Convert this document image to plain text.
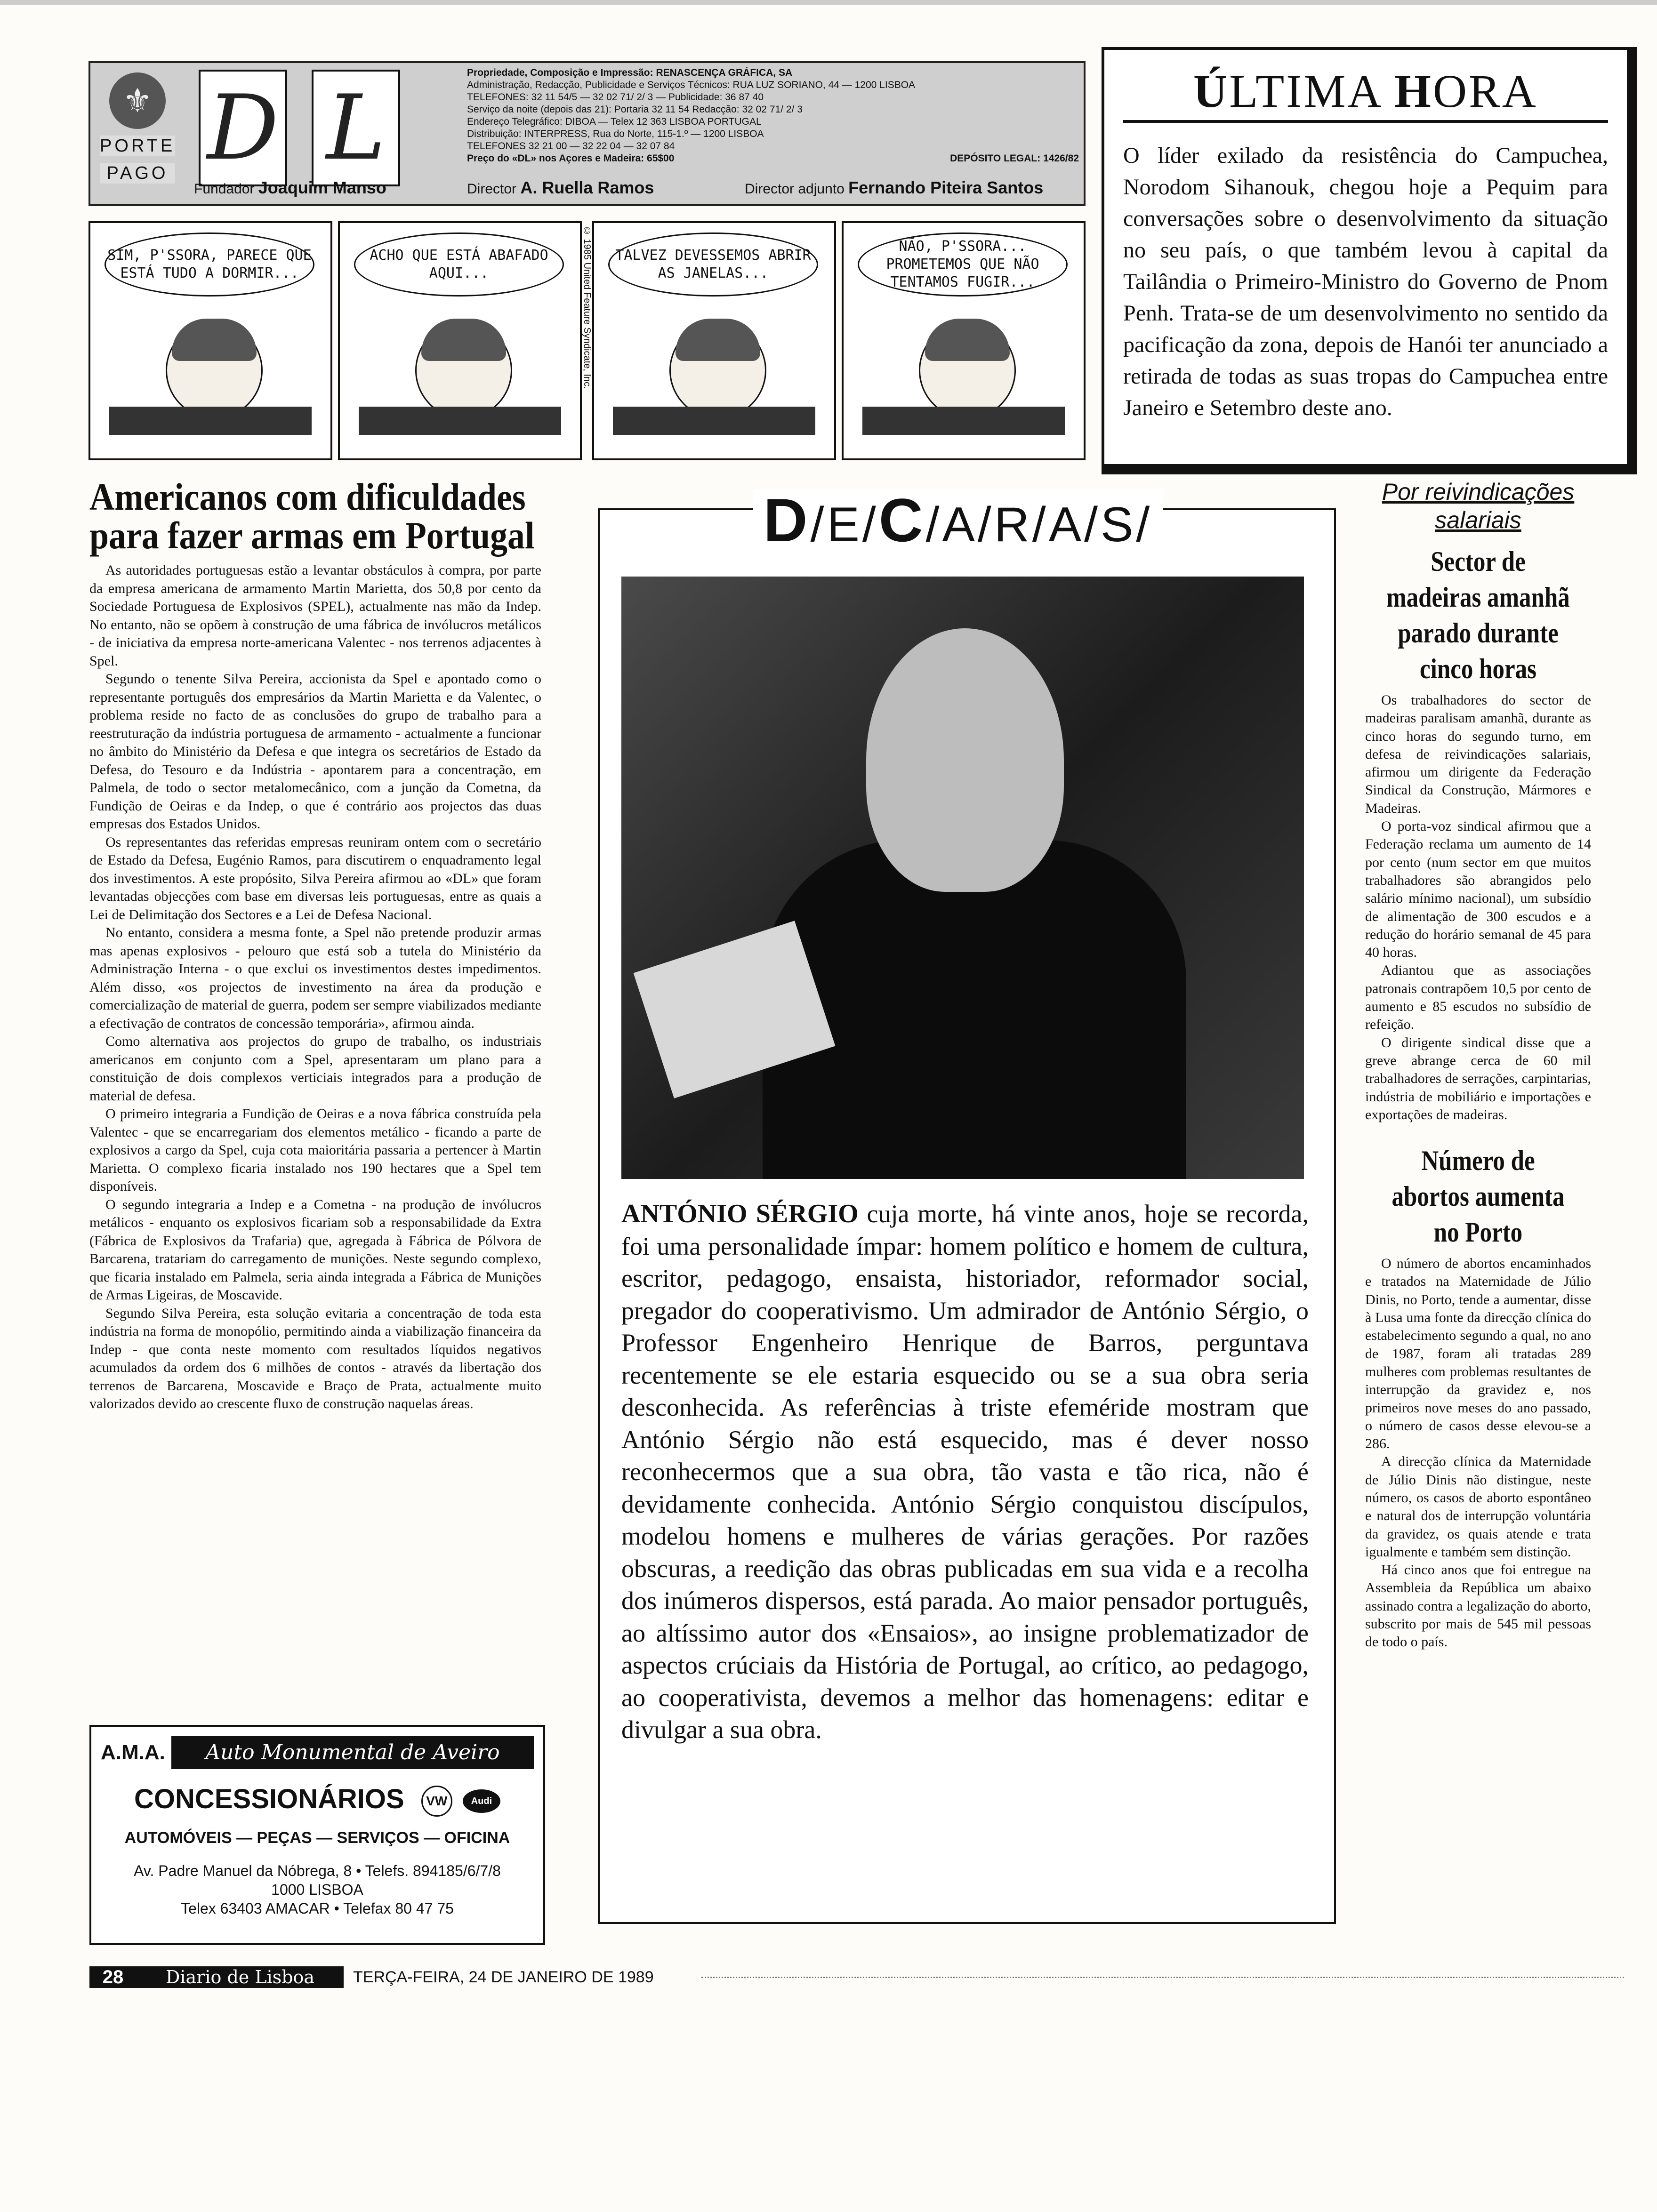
⚜
PORTE
PAGO D L
Propriedade, Composição e Impressão: RENASCENÇA GRÁFICA, SA
Administração, Redacção, Publicidade e Serviços Técnicos: RUA LUZ SORIANO, 44 — 1200 LISBOA
TELEFONES: 32 11 54/5 — 32 02 71/ 2/ 3 — Publicidade: 36 87 40
Serviço da noite (depois das 21): Portaria 32 11 54 Redacção: 32 02 71/ 2/ 3
Endereço Telegráfico: DIBOA — Telex 12 363 LISBOA PORTUGAL
Distribuição: INTERPRESS, Rua do Norte, 115-1.º — 1200 LISBOA
TELEFONES 32 21 00 — 32 22 04 — 32 07 84
Preço do «DL» nos Açores e Madeira: 65$00	DEPÓSITO LEGAL: 1426/82
Fundador Joaquim Manso	Director A. Ruella Ramos	Director adjunto Fernando Piteira Santos
SIM, P'SSORA, PARECE QUE ESTÁ TUDO A DORMIR...
ACHO QUE ESTÁ ABAFADO AQUI...	© 1985 United Feature Syndicate, Inc.	TALVEZ DEVESSEMOS ABRIR AS JANELAS...
NÃO, P'SSORA... PROMETEMOS QUE NÃO TENTAMOS FUGIR...
ÚLTIMA HORA

O líder exilado da resistência do Campuchea, Norodom Sihanouk, chegou hoje a Pequim para conversações sobre o desenvolvimento da situação no seu país, o que também levou à capital da Tailândia o Primeiro-Ministro do Governo de Pnom Penh. Trata-se de um desenvolvimento no sentido da pacificação da zona, depois de Hanói ter anunciado a retirada de todas as suas tropas do Campuchea entre Janeiro e Setembro deste ano.

Americanos com dificuldades
para fazer armas em Portugal

As autoridades portuguesas estão a levantar obstáculos à compra, por parte da empresa americana de armamento Martin Marietta, dos 50,8 por cento da Sociedade Portuguesa de Explosivos (SPEL), actualmente nas mão da Indep. No entanto, não se opõem à construção de uma fábrica de invólucros metálicos - de iniciativa da empresa norte-americana Valentec - nos terrenos adjacentes à Spel.

Segundo o tenente Silva Pereira, accionista da Spel e apontado como o representante português dos empresários da Martin Marietta e da Valentec, o problema reside no facto de as conclusões do grupo de trabalho para a reestruturação da indústria portuguesa de armamento - actualmente a funcionar no âmbito do Ministério da Defesa e que integra os secretários de Estado da Defesa, do Tesouro e da Indústria - apontarem para a concentração, em Palmela, de todo o sector metalomecânico, com a junção da Cometna, da Fundição de Oeiras e da Indep, o que é contrário aos projectos das duas empresas dos Estados Unidos.

Os representantes das referidas empresas reuniram ontem com o secretário de Estado da Defesa, Eugénio Ramos, para discutirem o enquadramento legal dos investimentos. A este propósito, Silva Pereira afirmou ao «DL» que foram levantadas objecções com base em diversas leis portuguesas, entre as quais a Lei de Delimitação dos Sectores e a Lei de Defesa Nacional.

No entanto, considera a mesma fonte, a Spel não pretende produzir armas mas apenas explosivos - pelouro que está sob a tutela do Ministério da Administração Interna - o que exclui os investimentos destes impedimentos. Além disso, «os projectos de investimento na área da produção e comercialização de material de guerra, podem ser sempre viabilizados mediante a efectivação de contratos de concessão temporária», afirmou ainda.

Como alternativa aos projectos do grupo de trabalho, os industriais americanos em conjunto com a Spel, apresentaram um plano para a constituição de dois complexos verticiais integrados para a produção de material de defesa.

O primeiro integraria a Fundição de Oeiras e a nova fábrica construída pela Valentec - que se encarregariam dos elementos metálico - ficando a parte de explosivos a cargo da Spel, cuja cota maioritária passaria a pertencer à Martin Marietta. O complexo ficaria instalado nos 190 hectares que a Spel tem disponíveis.

O segundo integraria a Indep e a Cometna - na produção de invólucros metálicos - enquanto os explosivos ficariam sob a responsabilidade da Extra (Fábrica de Explosivos da Trafaria) que, agregada à Fábrica de Pólvora de Barcarena, tratariam do carregamento de munições. Neste segundo complexo, que ficaria instalado em Palmela, seria ainda integrada a Fábrica de Munições de Armas Ligeiras, de Moscavide.

Segundo Silva Pereira, esta solução evitaria a concentração de toda esta indústria na forma de monopólio, permitindo ainda a viabilização financeira da Indep - que conta neste momento com resultados líquidos negativos acumulados da ordem dos 6 milhões de contos - através da libertação dos terrenos de Barcarena, Moscavide e Braço de Prata, actualmente muito valorizados devido ao crescente fluxo de construção naquelas áreas.

A.M.A.	Auto Monumental de Aveiro
CONCESSIONÁRIOS VW	Audi
AUTOMÓVEIS — PEÇAS — SERVIÇOS — OFICINA
Av. Padre Manuel da Nóbrega, 8 • Telefs. 894185/6/7/8
1000 LISBOA
Telex 63403 AMACAR • Telefax 80 47 75
D/E/C/A/R/A/S/
ANTÓNIO SÉRGIO cuja morte, há vinte anos, hoje se recorda, foi uma personalidade ímpar: homem político e homem de cultura, escritor, pedagogo, ensaista, historiador, reformador social, pregador do cooperativismo. Um admirador de António Sérgio, o Professor Engenheiro Henrique de Barros, perguntava recentemente se ele estaria esquecido ou se a sua obra seria desconhecida. As referências à triste efeméride mostram que António Sérgio não está esquecido, mas é dever nosso reconhecermos que a sua obra, tão vasta e tão rica, não é devidamente conhecida. António Sérgio conquistou discípulos, modelou homens e mulheres de várias gerações. Por razões obscuras, a reedição das obras publicadas em sua vida e a recolha dos inúmeros dispersos, está parada. Ao maior pensador português, ao altíssimo autor dos «Ensaios», ao insigne problematizador de aspectos crúciais da História de Portugal, ao crítico, ao pedagogo, ao cooperativista, devemos a melhor das homenagens: editar e divulgar a sua obra.
Por reivindicações salariais
Sector de madeiras amanhã parado durante cinco horas

Os trabalhadores do sector de madeiras paralisam amanhã, durante as cinco horas do segundo turno, em defesa de reivindicações salariais, afirmou um dirigente da Federação Sindical da Construção, Mármores e Madeiras.

O porta-voz sindical afirmou que a Federação reclama um aumento de 14 por cento (num sector em que muitos trabalhadores são abrangidos pelo salário mínimo nacional), um subsídio de alimentação de 300 escudos e a redução do horário semanal de 45 para 40 horas.

Adiantou que as associações patronais contrapõem 10,5 por cento de aumento e 85 escudos no subsídio de refeição.

O dirigente sindical disse que a greve abrange cerca de 60 mil trabalhadores de serrações, carpintarias, indústria de mobiliário e importações e exportações de madeiras.

Número de abortos aumenta no Porto

O número de abortos encaminhados e tratados na Maternidade de Júlio Dinis, no Porto, tende a aumentar, disse à Lusa uma fonte da direcção clínica do estabelecimento segundo a qual, no ano de 1987, foram ali tratadas 289 mulheres com problemas resultantes de interrupção da gravidez e, nos primeiros nove meses do ano passado, o número de casos desse elevou-se a 286.

A direcção clínica da Maternidade de Júlio Dinis não distingue, neste número, os casos de aborto espontâneo e natural dos de interrupção voluntária da gravidez, os quais atende e trata igualmente e também sem distinção.

Há cinco anos que foi entregue na Assembleia da República um abaixo assinado contra a legalização do aborto, subscrito por mais de 545 mil pessoas de todo o país.

28	Diario de Lisboa	TERÇA-FEIRA, 24 DE JANEIRO DE 1989
